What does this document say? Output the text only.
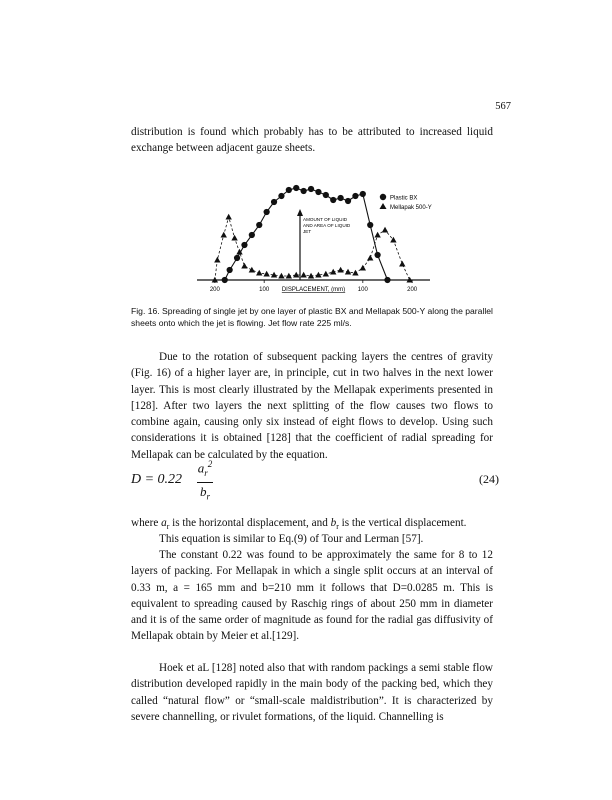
567

distribution is found which probably has to be attributed to increased liquid exchange between adjacent gauze sheets.

200	100	100	200
DISPLACEMENT, (mm)
AMOUNT OF LIQUID AND AREA OF LIQUID JET
Plastic BX
Mellapak 500-Y

Fig. 16. Spreading of single jet by one layer of plastic BX and Mellapak 500-Y along the parallel sheets onto which the jet is flowing. Jet flow rate 225 ml/s.

Due to the rotation of subsequent packing layers the centres of gravity (Fig. 16) of a higher layer are, in principle, cut in two halves in the next lower layer. This is most clearly illustrated by the Mellapak experiments presented in [128]. After two layers the next splitting of the flow causes two flows to combine again, causing only six instead of eight flows to develop. Using such considerations it is obtained [128] that the coefficient of radial spreading for Mellapak can be calculated by the equation.

$D = 0.22 \frac{a_r^2}{b_r}$	(24)

where $a_r$ is the horizontal displacement, and $b_r$ is the vertical displacement.

This equation is similar to Eq.(9) of Tour and Lerman [57].

The constant 0.22 was found to be approximately the same for 8 to 12 layers of packing. For Mellapak in which a single split occurs at an interval of 0.33 m, a = 165 mm and b=210 mm it follows that D=0.0285 m. This is equivalent to spreading caused by Raschig rings of about 250 mm in diameter and it is of the same order of magnitude as found for the radial gas diffusivity of Mellapak obtain by Meier et al.[129].

Hoek et aL [128] noted also that with random packings a semi stable flow distribution developed rapidly in the main body of the packing bed, which they called “natural flow” or “small-scale maldistribution”. It is characterized by severe channelling, or rivulet formations, of the liquid. Channelling is
